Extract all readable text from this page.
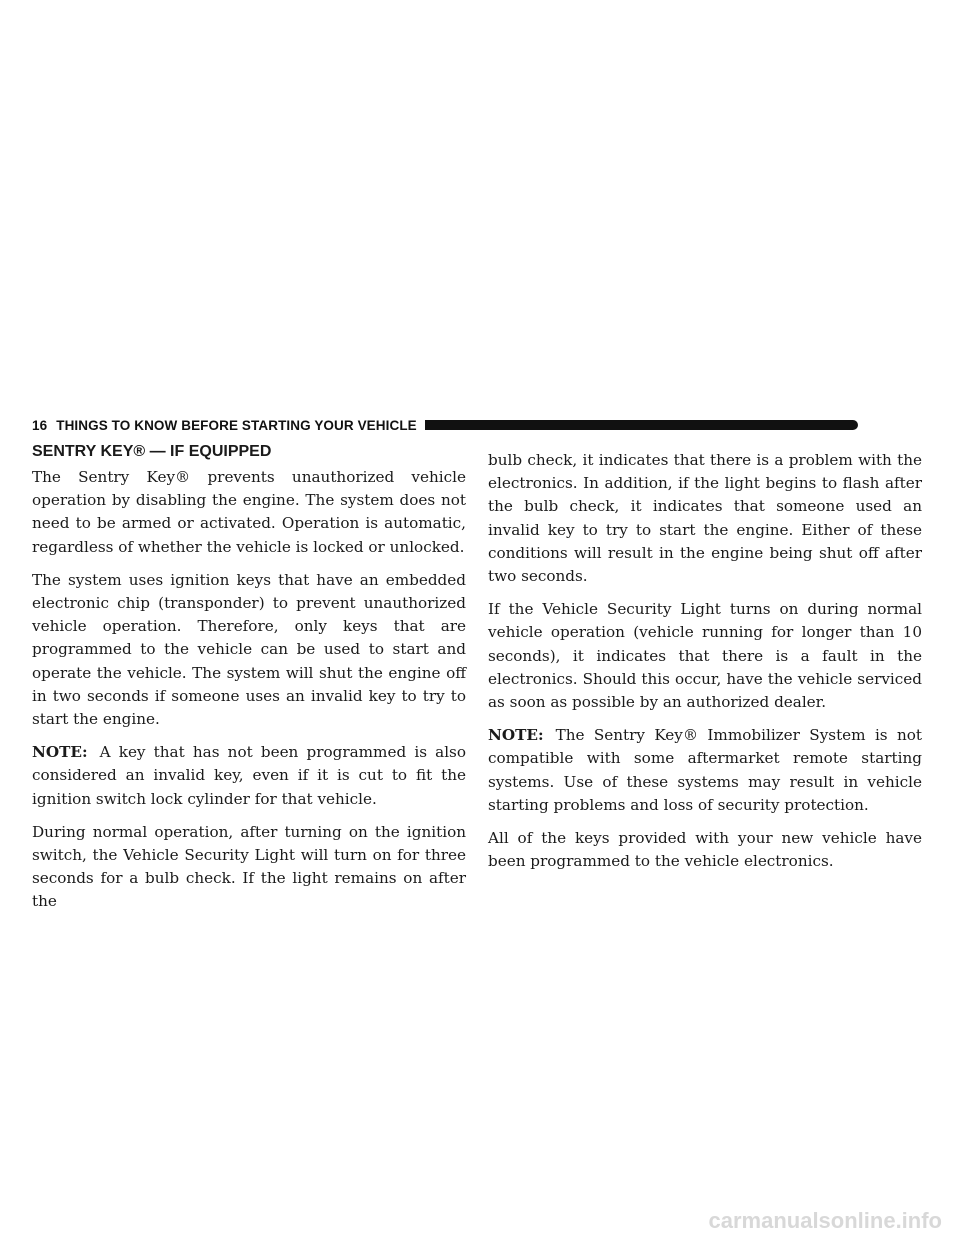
16 THINGS TO KNOW BEFORE STARTING YOUR VEHICLE
SENTRY KEY® — IF EQUIPPED

The Sentry Key® prevents unauthorized vehicle operation by disabling the engine. The system does not need to be armed or activated. Operation is automatic, regardless of whether the vehicle is locked or unlocked.

The system uses ignition keys that have an embedded electronic chip (transponder) to prevent unauthorized vehicle operation. Therefore, only keys that are programmed to the vehicle can be used to start and operate the vehicle. The system will shut the engine off in two seconds if someone uses an invalid key to try to start the engine.

NOTE: A key that has not been programmed is also considered an invalid key, even if it is cut to fit the ignition switch lock cylinder for that vehicle.

During normal operation, after turning on the ignition switch, the Vehicle Security Light will turn on for three seconds for a bulb check. If the light remains on after the

bulb check, it indicates that there is a problem with the electronics. In addition, if the light begins to flash after the bulb check, it indicates that someone used an invalid key to try to start the engine. Either of these conditions will result in the engine being shut off after two seconds.

If the Vehicle Security Light turns on during normal vehicle operation (vehicle running for longer than 10 seconds), it indicates that there is a fault in the electronics. Should this occur, have the vehicle serviced as soon as possible by an authorized dealer.

NOTE: The Sentry Key® Immobilizer System is not compatible with some aftermarket remote starting systems. Use of these systems may result in vehicle starting problems and loss of security protection.

All of the keys provided with your new vehicle have been programmed to the vehicle electronics.

carmanualsonline.info
